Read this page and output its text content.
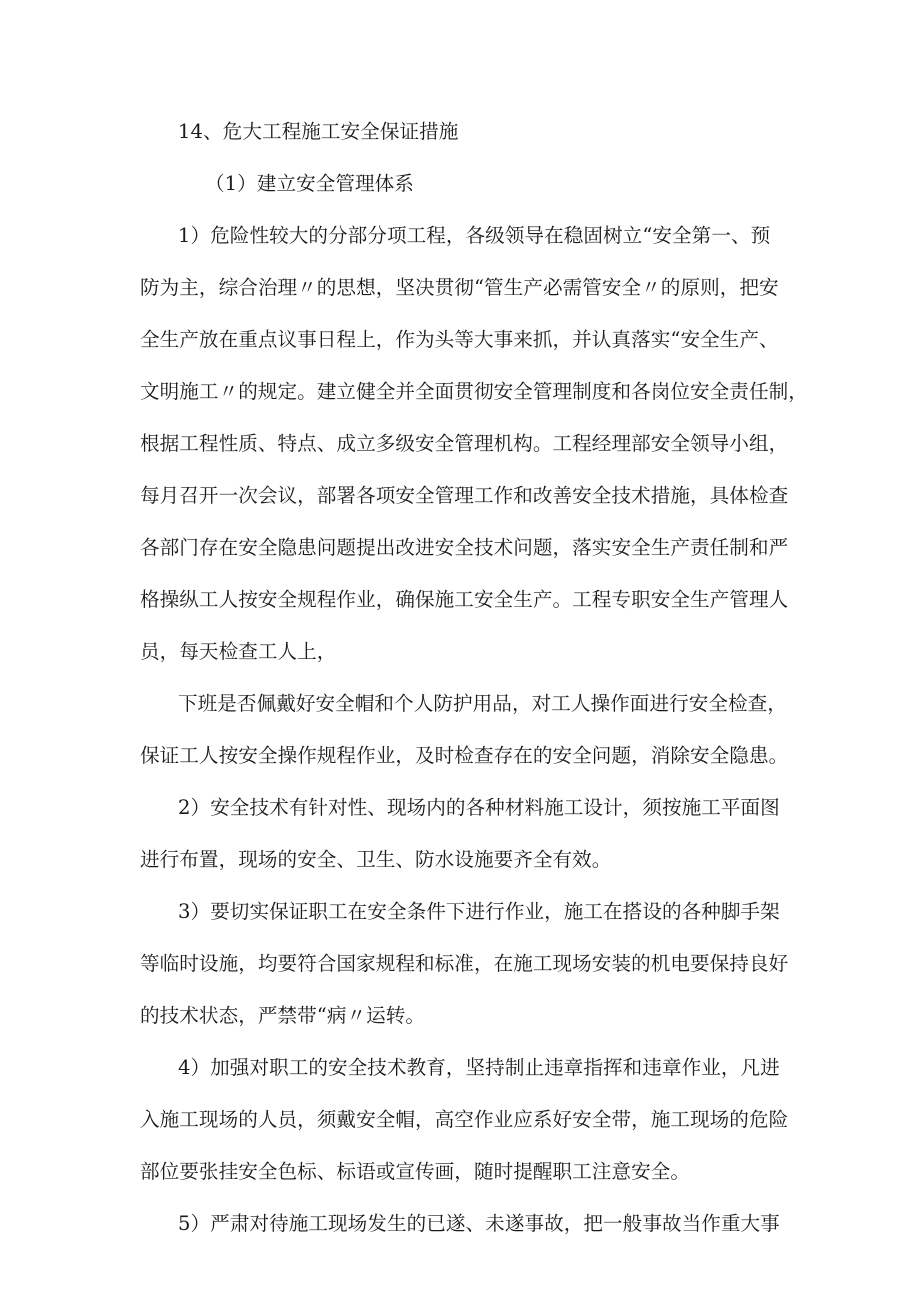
14、危大工程施工安全保证措施
（1）建立安全管理体系
1）危险性较大的分部分项工程，各级领导在稳固树立“安全第一、预
防为主，综合治理〃的思想，坚决贯彻“管生产必需管安全〃的原则，把安
全生产放在重点议事日程上，作为头等大事来抓，并认真落实“安全生产、
文明施工〃的规定。建立健全并全面贯彻安全管理制度和各岗位安全责任制，
根据工程性质、特点、成立多级安全管理机构。工程经理部安全领导小组，
每月召开一次会议，部署各项安全管理工作和改善安全技术措施，具体检查
各部门存在安全隐患问题提出改进安全技术问题，落实安全生产责任制和严
格操纵工人按安全规程作业，确保施工安全生产。工程专职安全生产管理人
员，每天检查工人上，
下班是否佩戴好安全帽和个人防护用品，对工人操作面进行安全检查，
保证工人按安全操作规程作业，及时检查存在的安全问题，消除安全隐患。
2）安全技术有针对性、现场内的各种材料施工设计，须按施工平面图
进行布置，现场的安全、卫生、防水设施要齐全有效。
3）要切实保证职工在安全条件下进行作业，施工在搭设的各种脚手架
等临时设施，均要符合国家规程和标准，在施工现场安装的机电要保持良好
的技术状态，严禁带“病〃运转。
4）加强对职工的安全技术教育，坚持制止违章指挥和违章作业，凡进
入施工现场的人员，须戴安全帽，高空作业应系好安全带，施工现场的危险
部位要张挂安全色标、标语或宣传画，随时提醒职工注意安全。
5）严肃对待施工现场发生的已遂、未遂事故，把一般事故当作重大事
